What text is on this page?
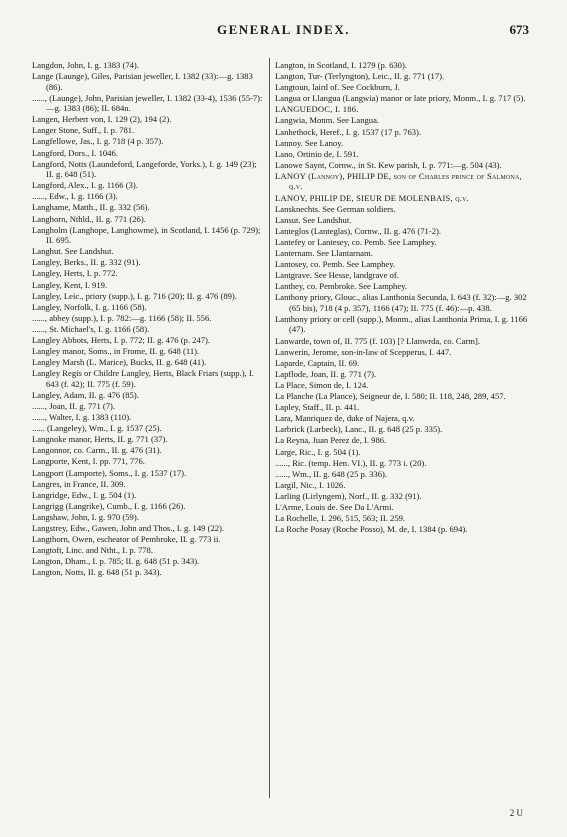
GENERAL INDEX.	673

Langdon, John, I. g. 1383 (74).

Lange (Launge), Giles, Parisian jeweller, I. 1382 (33):—g. 1383 (86).

......, (Launge), John, Parisian jeweller, I. 1382 (33-4), 1536 (55-7):—g. 1383 (86); II. 684n.

Langen, Herbert von, I. 129 (2), 194 (2).

Langer Stone, Suff., I. p. 781.

Langfellowe, Jas., I. g. 718 (4 p. 357).

Langford, Dors., I. 1046.

Langford, Notts (Laundeford, Langeforde, Yorks.), I. g. 149 (23); II. g. 648 (51).

Langford, Alex., I. g. 1166 (3).

......, Edw., I. g. 1166 (3).

Langhame, Matth., II. g. 332 (56).

Langhorn, Nthld., II. g. 771 (26).

Langholm (Langhope, Langhowme), in Scotland, I. 1456 (p. 729); II. 695.

Langhut. See Landshut.

Langley, Berks., II. g. 332 (91).

Langley, Herts, I. p. 772.

Langley, Kent, I. 919.

Langley, Leic., priory (supp.), I. g. 716 (20); II. g. 476 (89).

Langley, Norfolk, I. g. 1166 (58).

......, abbey (supp.), I. p. 782:—g. 1166 (58); II. 556.

......, St. Michael's, I. g. 1166 (58).

Langley Abbots, Herts, I. p. 772; II. g. 476 (p. 247).

Langley manor, Soms., in Frome, II. g. 648 (11).

Langley Marsh (L. Marice), Bucks, II. g. 648 (41).

Langley Regis or Childre Langley, Herts, Black Friars (supp.), I. 643 (f. 42); II. 775 (f. 59).

Langley, Adam, II. g. 476 (85).

......, Joan, II. g. 771 (7).

......, Walter, I. g. 1383 (110).

...... (Langeley), Wm., I. g. 1537 (25).

Langnoke manor, Herts, II. g. 771 (37).

Langonnor, co. Carm., II. g. 476 (31).

Langporte, Kent, I. pp. 771, 776.

Langport (Lamporte), Soms., I. g. 1537 (17).

Langres, in France, II. 309.

Langridge, Edw., I. g. 504 (1).

Langrigg (Langrike), Cumb., I. g. 1166 (26).

Langshaw, John, I. g. 970 (59).

Langstrey, Edw., Gawen, John and Thos., I. g. 149 (22).

Langthorn, Owen, escheator of Pembroke, II. g. 773 ii.

Langtoft, Linc. and Ntht., I. p. 778.

Langton, Dham., I. p. 785; II. g. 648 (51 p. 343).

Langton, Notts, II. g. 648 (51 p. 343).

Langton, in Scotland, I. 1279 (p. 630).

Langton, Tur- (Terlyngton), Leic., II. g. 771 (17).

Langtoun, laird of. See Cockburn, J.

Langua or Llangua (Langwia) manor or late priory, Monm., I. g. 717 (5).

LANGUEDOC, I. 186.

Langwia, Monm. See Langua.

Lanhethock, Heref., I. g. 1537 (17 p. 763).

Lannoy. See Lanoy.

Lano, Ortinio de, I. 591.

Lanowe Saynt, Cornw., in St. Kew parish, I. p. 771:—g. 504 (43).

LANOY (Lannoy), PHILIP DE, son of Charles prince of Salmona, q.v.

LANOY, PHILIP DE, SIEUR DE MOLENBAIS, q.v.

Lansknechts. See German soldiers.

Lansut. See Landshut.

Lanteglos (Lanteglas), Cornw., II. g. 476 (71-2).

Lantefey or Lantesey, co. Pemb. See Lamphey.

Lanternam. See Llantarnam.

Lantosey, co. Pemb. See Lamphey.

Lantgrave. See Hesse, landgrave of.

Lanthey, co. Pembroke. See Lamphey.

Lanthony priory, Glouc., alias Lanthonia Secunda, I. 643 (f. 32):—g. 302 (65 bis), 718 (4 p. 357), 1166 (47); II. 775 (f. 46):—p. 438.

Lanthony priory or cell (supp.), Monm., alias Lanthonia Prima, I. g. 1166 (47).

Lanwarde, town of, II. 775 (f. 103) [? Llanwrda, co. Carm].

Lanwerin, Jerome, son-in-law of Scepperus, I. 447.

Laparde, Captain, II. 69.

Lapflode, Joan, II. g. 771 (7).

La Place, Simon de, I. 124.

La Planche (La Plance), Seigneur de, I. 580; II. 118, 248, 289, 457.

Lapley, Staff., II. p. 441.

Lara, Manriquez de, duke of Najera, q.v.

Larbrick (Larbeck), Lanc., II. g. 648 (25 p. 335).

La Reyna, Juan Perez de, I. 986.

Large, Ric., I. g. 504 (1).

......, Ric. (temp. Hen. VI.), II. g. 773 i. (20).

......, Wm., II. g. 648 (25 p. 336).

Largil, Nic., I. 1026.

Larling (Lirlyngem), Norf., II. g. 332 (91).

L'Arme, Louis de. See Da L'Armi.

La Rochelle, I. 296, 515, 563; II. 259.

La Roche Posay (Roche Posso), M. de, I. 1384 (p. 694).

2 U
